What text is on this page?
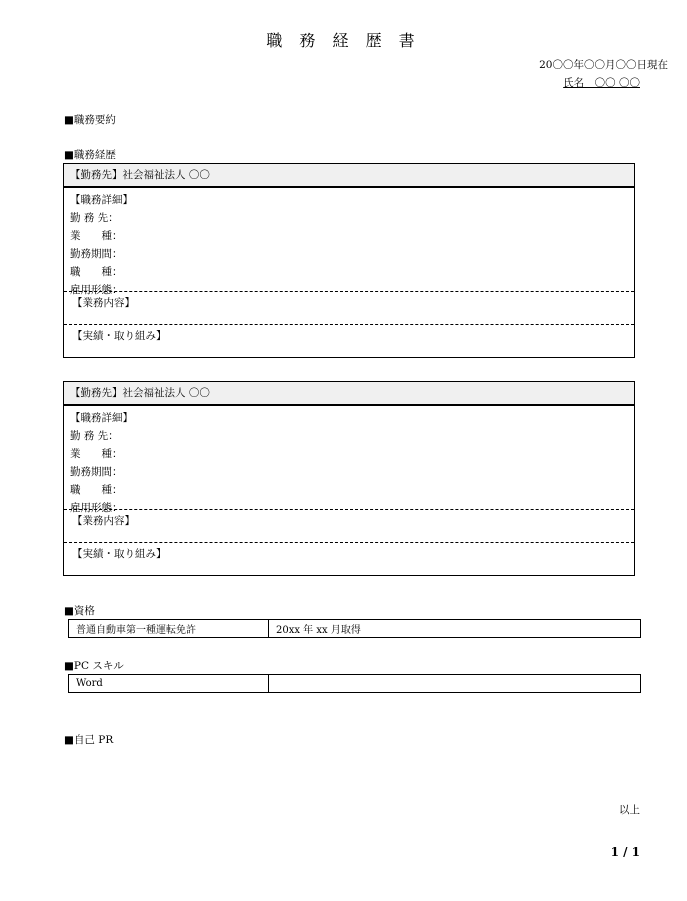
職 務 経 歴 書
20〇〇年〇〇月〇〇日現在
氏名　〇〇 〇〇
■職務要約
■職務経歴
【勤務先】社会福祉法人 〇〇
【職務詳細】
勤 務 先：
業　　種：
勤務期間：
職　　種：
雇用形態：
【業務内容】
【実績・取り組み】
【勤務先】社会福祉法人 〇〇
【職務詳細】
勤 務 先：
業　　種：
勤務期間：
職　　種：
雇用形態：
【業務内容】
【実績・取り組み】
■資格
普通自動車第一種運転免許	20xx 年 xx 月取得
■PC スキル
Word	
■自己 PR
以上
1 / 1
